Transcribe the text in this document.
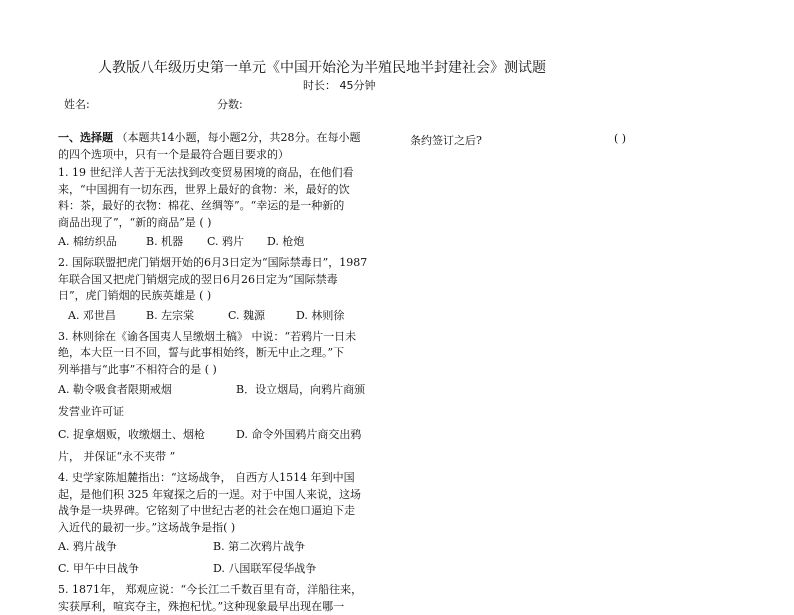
人教版八年级历史第一单元《中国开始沦为半殖民地半封建社会》测试题
时长： 45分钟
姓名:	分数:
一、选择题 （本题共14小题，每小题2分，共28分。在每小题
的四个选项中，只有一个是最符合题目要求的）
1. 19 世纪洋人苦于无法找到改变贸易困境的商品，在他们看
来，“中国拥有一切东西，世界上最好的食物：米，最好的饮
料：茶，最好的衣物：棉花、丝绸等”。“幸运的是一种新的
商品出现了”，“新的商品”是 ( )
A. 棉纺织品	B. 机器 C. 鸦片 D. 枪炮
2. 国际联盟把虎门销烟开始的6月3日定为“国际禁毒日”，1987
年联合国又把虎门销烟完成的翌日6月26日定为“国际禁毒
日”，虎门销烟的民族英雄是 ( )
A. 邓世昌	B. 左宗棠	C. 魏源	D. 林则徐
3. 林则徐在《谕各国夷人呈缴烟土稿》 中说：“若鸦片一日未
绝，本大臣一日不回，誓与此事相始终，断无中止之理。”下
列举措与“此事”不相符合的是 ( )
A. 勒令吸食者限期戒烟	B．设立烟局，向鸦片商颁
发营业许可证
C. 捉拿烟贩，收缴烟土、烟枪	D. 命令外国鸦片商交出鸦
片， 并保证“永不夹带 ”
4. 史学家陈旭麓指出：“这场战争， 自西方人1514 年到中国
起，是他们积 325 年窥探之后的一逞。对于中国人来说，这场
战争是一块界碑。它铭刻了中世纪古老的社会在炮口逼迫下走
入近代的最初一步。”这场战争是指( )
A. 鸦片战争	B. 第二次鸦片战争
C. 甲午中日战争	D. 八国联军侵华战争
5. 1871年， 郑观应说：“今长江二千数百里有奇，洋船往来，
实获厚利，喧宾夺主，殊抱杞忧。”这种现象最早出现在哪一
条约签订之后?	( )
